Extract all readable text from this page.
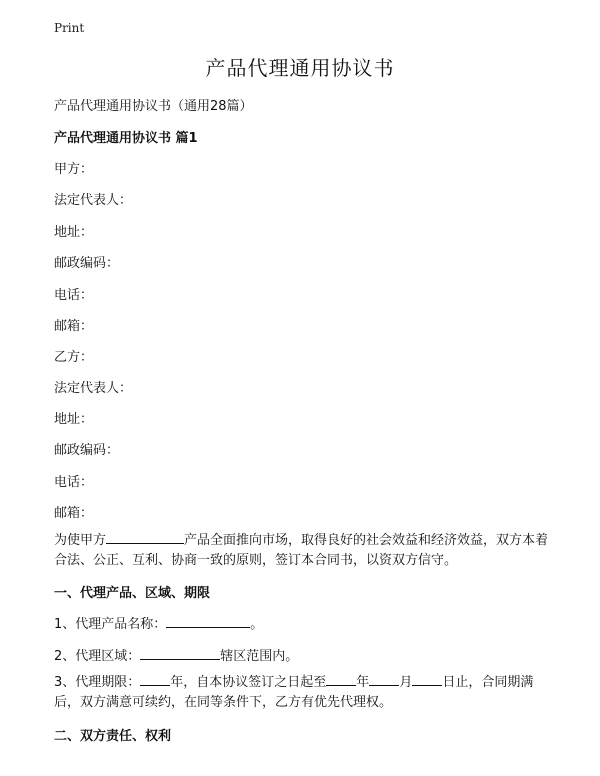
Print
产品代理通用协议书
产品代理通用协议书（通用28篇）
产品代理通用协议书 篇1
甲方：
法定代表人：
地址：
邮政编码：
电话：
邮箱：
乙方：
法定代表人：
地址：
邮政编码：
电话：
邮箱：
为使甲方	产品全面推向市场，取得良好的社会效益和经济效益，双方本着合法、公正、互利、协商一致的原则，签订本合同书，以资双方信守。
一、代理产品、区域、期限
1、代理产品名称：	。
2、代理区域：	辖区范围内。
3、代理期限： 年，自本协议签订之日起至 年 月 日止，合同期满后，双方满意可续约，在同等条件下，乙方有优先代理权。
二、双方责任、权利
